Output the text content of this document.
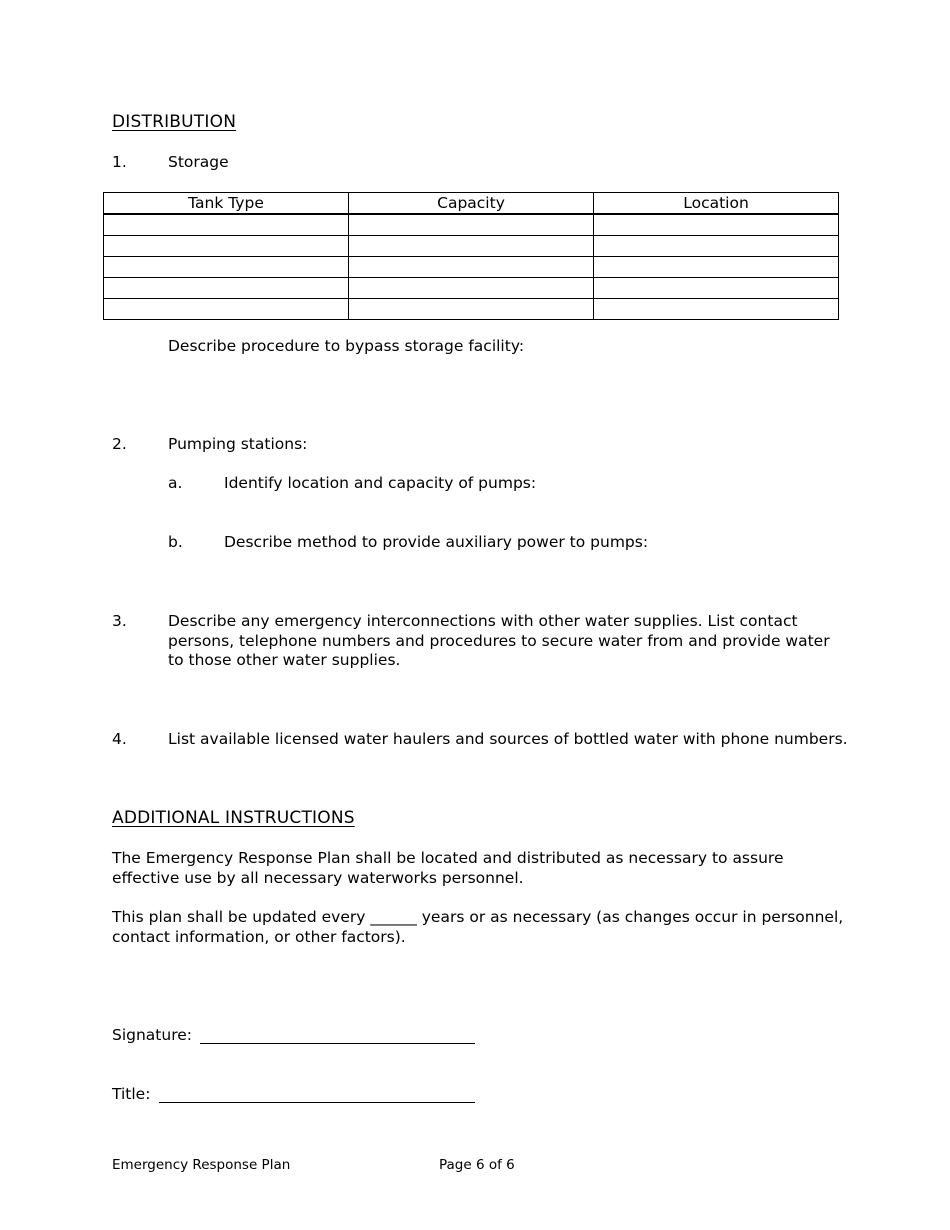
DISTRIBUTION
1.	Storage
Tank Type	Capacity	Location

Describe procedure to bypass storage facility:
2.	Pumping stations:
a.	Identify location and capacity of pumps:
b.	Describe method to provide auxiliary power to pumps:
3.	Describe any emergency interconnections with other water supplies. List contact persons, telephone numbers and procedures to secure water from and provide water to those other water supplies.

4.	List available licensed water haulers and sources of bottled water with phone numbers.
ADDITIONAL INSTRUCTIONS

The Emergency Response Plan shall be located and distributed as necessary to assure effective use by all necessary waterworks personnel.

This plan shall be updated every ______ years or as necessary (as changes occur in personnel, contact information, or other factors).

Signature:
Title:
Emergency Response Plan	Page 6 of 6
